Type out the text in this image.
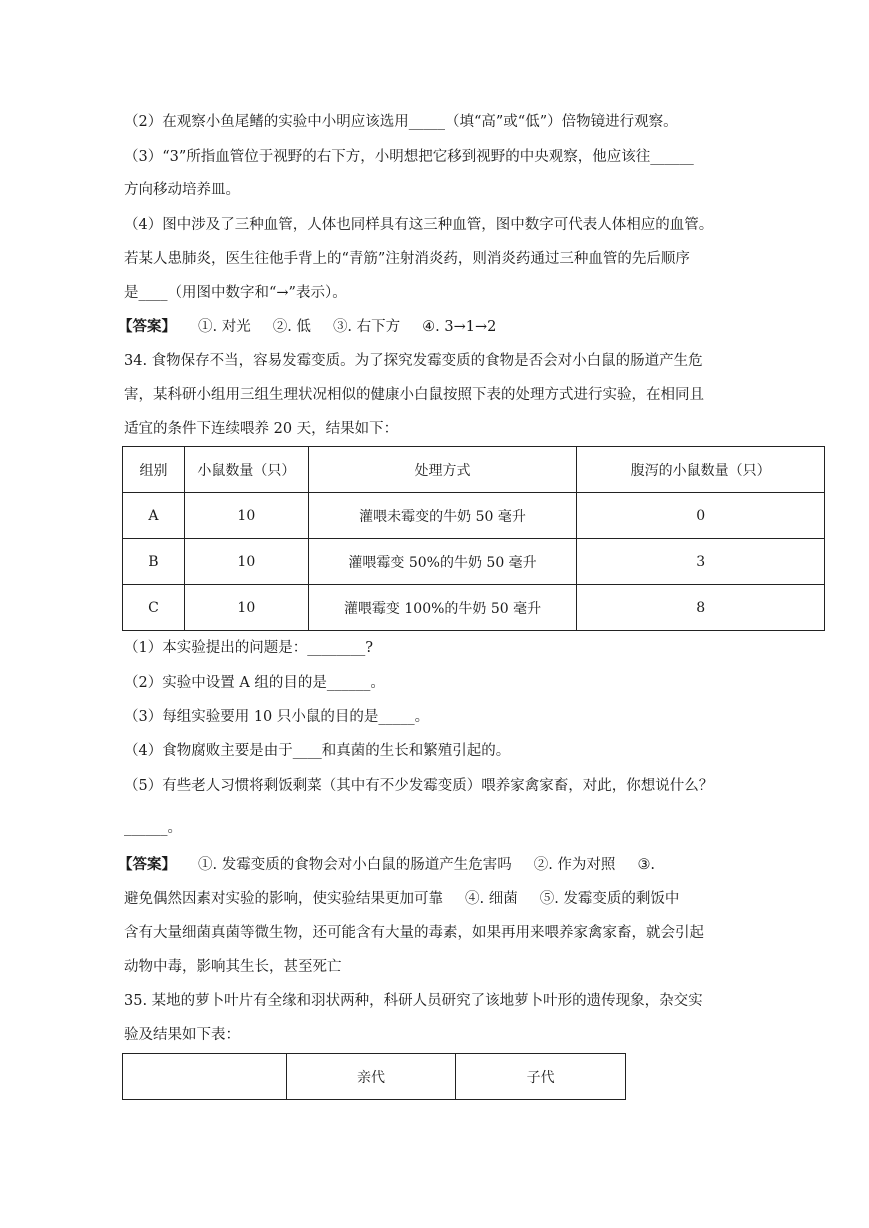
（2）在观察小鱼尾鳍的实验中小明应该选用_____（填“高”或“低”）倍物镜进行观察。
（3）“3”所指血管位于视野的右下方，小明想把它移到视野的中央观察，他应该往______
方向移动培养皿。
（4）图中涉及了三种血管，人体也同样具有这三种血管，图中数字可代表人体相应的血管。
若某人患肺炎，医生往他手背上的“青筋”注射消炎药，则消炎药通过三种血管的先后顺序
是____（用图中数字和“→”表示）。
【答案】 ①. 对光 ②. 低 ③. 右下方 ④. 3→1→2
34. 食物保存不当，容易发霉变质。为了探究发霉变质的食物是否会对小白鼠的肠道产生危
害，某科研小组用三组生理状况相似的健康小白鼠按照下表的处理方式进行实验，在相同且
适宜的条件下连续喂养 20 天，结果如下：
组别	小鼠数量（只）	处理方式	腹泻的小鼠数量（只）
A	10	灌喂未霉变的牛奶 50 毫升	0
B	10	灌喂霉变 50%的牛奶 50 毫升	3
C	10	灌喂霉变 100%的牛奶 50 毫升	8
（1）本实验提出的问题是：________?
（2）实验中设置 A 组的目的是______。
（3）每组实验要用 10 只小鼠的目的是_____。
（4）食物腐败主要是由于____和真菌的生长和繁殖引起的。
（5）有些老人习惯将剩饭剩菜（其中有不少发霉变质）喂养家禽家畜，对此，你想说什么？
______。
【答案】 ①. 发霉变质的食物会对小白鼠的肠道产生危害吗 ②. 作为对照 ③.
避免偶然因素对实验的影响，使实验结果更加可靠 ④. 细菌 ⑤. 发霉变质的剩饭中
含有大量细菌真菌等微生物，还可能含有大量的毒素，如果再用来喂养家禽家畜，就会引起
动物中毒，影响其生长，甚至死亡
35. 某地的萝卜叶片有全缘和羽状两种，科研人员研究了该地萝卜叶形的遗传现象，杂交实
验及结果如下表：
	亲代	子代
